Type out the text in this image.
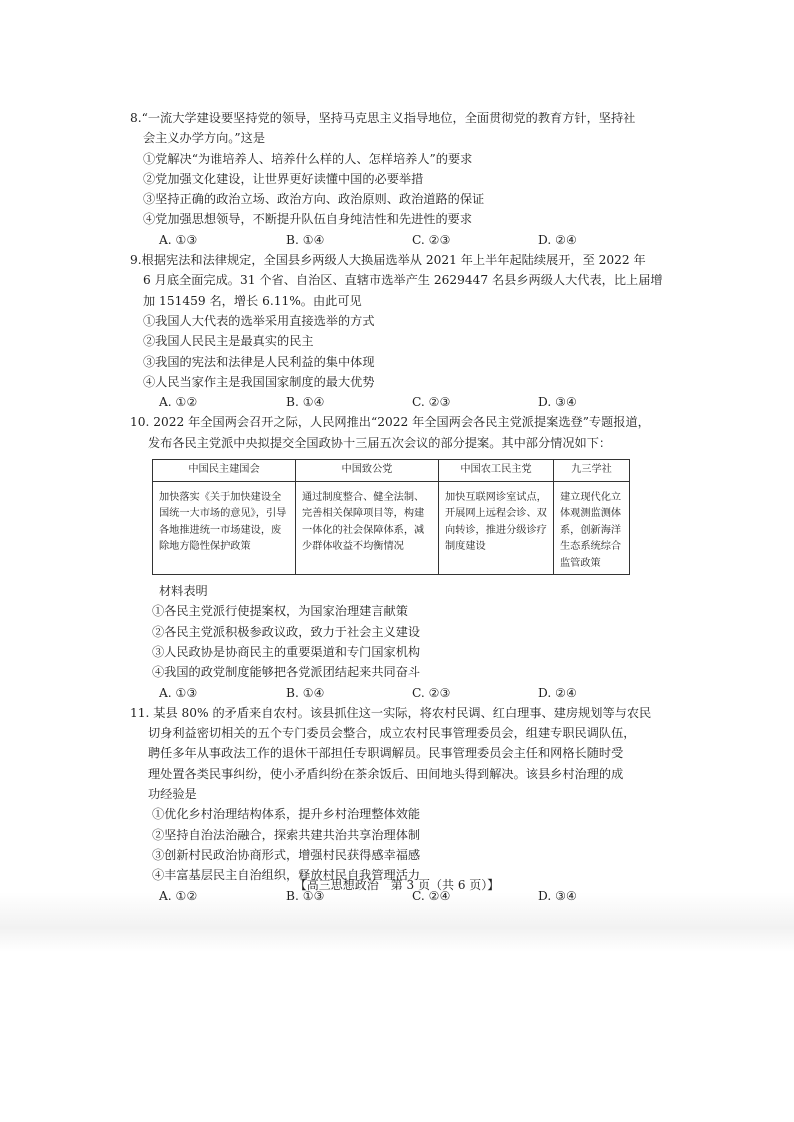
8.“一流大学建设要坚持党的领导，坚持马克思主义指导地位，全面贯彻党的教育方针，坚持社

会主义办学方向。”这是

①党解决“为谁培养人、培养什么样的人、怎样培养人”的要求

②党加强文化建设，让世界更好读懂中国的必要举措

③坚持正确的政治立场、政治方向、政治原则、政治道路的保证

④党加强思想领导，不断提升队伍自身纯洁性和先进性的要求

A. ①③	B. ①④	C. ②③	D. ②④

9.根据宪法和法律规定，全国县乡两级人大换届选举从 2021 年上半年起陆续展开，至 2022 年

6 月底全面完成。31 个省、自治区、直辖市选举产生 2629447 名县乡两级人大代表，比上届增

加 151459 名，增长 6.11%。由此可见

①我国人大代表的选举采用直接选举的方式

②我国人民民主是最真实的民主

③我国的宪法和法律是人民利益的集中体现

④人民当家作主是我国国家制度的最大优势

A. ①②	B. ①④	C. ②③	D. ③④

10. 2022 年全国两会召开之际，人民网推出“2022 年全国两会各民主党派提案选登”专题报道，

发布各民主党派中央拟提交全国政协十三届五次会议的部分提案。其中部分情况如下：

中国民主建国会	中国致公党	中国农工民主党	九三学社
加快落实《关于加快建设全国统一大市场的意见》，引导各地推进统一市场建设，废除地方隐性保护政策	通过制度整合、健全法制、完善相关保障项目等，构建一体化的社会保障体系，减少群体收益不均衡情况	加快互联网诊室试点，开展网上远程会诊、双向转诊，推进分级诊疗制度建设	建立现代化立体观测监测体系，创新海洋生态系统综合监管政策

材料表明

①各民主党派行使提案权，为国家治理建言献策

②各民主党派积极参政议政，致力于社会主义建设

③人民政协是协商民主的重要渠道和专门国家机构

④我国的政党制度能够把各党派团结起来共同奋斗

A. ①③	B. ①④	C. ②③	D. ②④

11. 某县 80% 的矛盾来自农村。该县抓住这一实际，将农村民调、红白理事、建房规划等与农民

切身利益密切相关的五个专门委员会整合，成立农村民事管理委员会，组建专职民调队伍，

聘任多年从事政法工作的退休干部担任专职调解员。民事管理委员会主任和网格长随时受

理处置各类民事纠纷，使小矛盾纠纷在茶余饭后、田间地头得到解决。该县乡村治理的成

功经验是

①优化乡村治理结构体系，提升乡村治理整体效能

②坚持自治法治融合，探索共建共治共享治理体制

③创新村民政治协商形式，增强村民获得感幸福感

④丰富基层民主自治组织，释放村民自我管理活力

A. ①②	B. ①③	C. ②④	D. ③④
【高三思想政治　第 3 页（共 6 页）】
